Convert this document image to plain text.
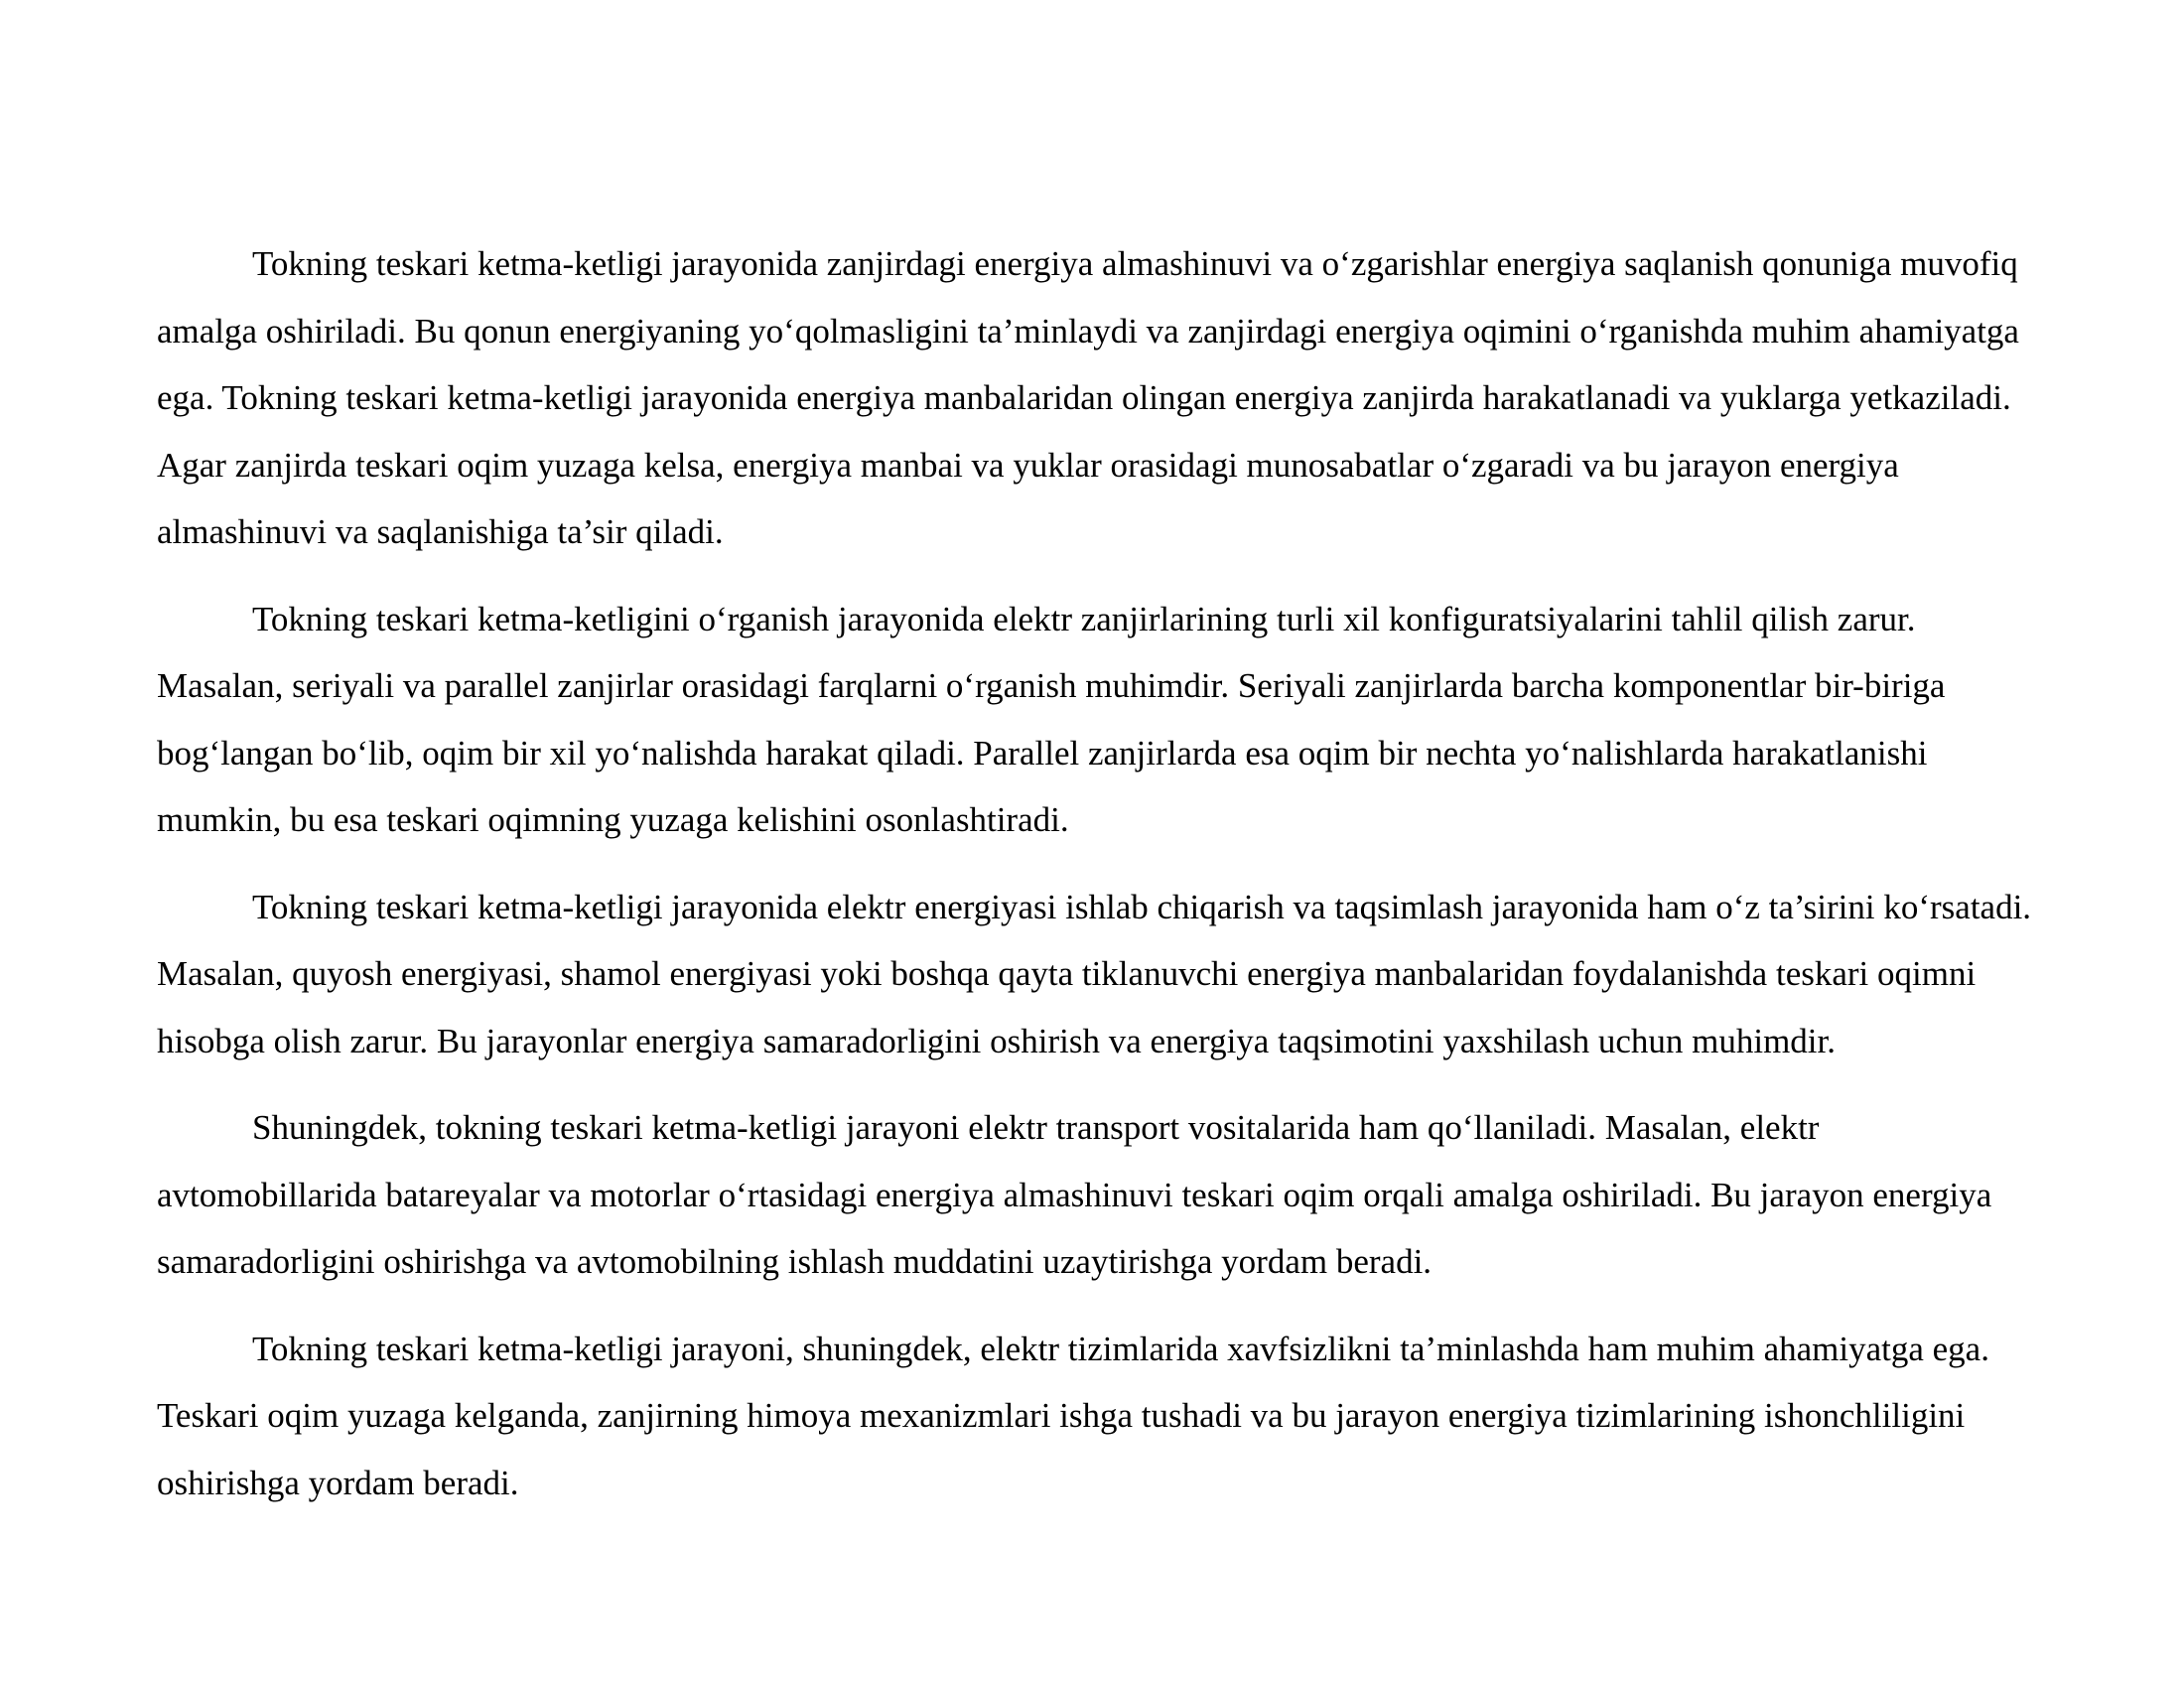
Tokning teskari ketma-ketligi jarayonida zanjirdagi energiya almashinuvi va o‘zgarishlar energiya saqlanish qonuniga muvofiq amalga oshiriladi. Bu qonun energiyaning yo‘qolmasligini ta’minlaydi va zanjirdagi energiya oqimini o‘rganishda muhim ahamiyatga ega. Tokning teskari ketma-ketligi jarayonida energiya manbalaridan olingan energiya zanjirda harakatlanadi va yuklarga yetkaziladi. Agar zanjirda teskari oqim yuzaga kelsa, energiya manbai va yuklar orasidagi munosabatlar o‘zgaradi va bu jarayon energiya almashinuvi va saqlanishiga ta’sir qiladi.

Tokning teskari ketma-ketligini o‘rganish jarayonida elektr zanjirlarining turli xil konfiguratsiyalarini tahlil qilish zarur. Masalan, seriyali va parallel zanjirlar orasidagi farqlarni o‘rganish muhimdir. Seriyali zanjirlarda barcha komponentlar bir-biriga bog‘langan bo‘lib, oqim bir xil yo‘nalishda harakat qiladi. Parallel zanjirlarda esa oqim bir nechta yo‘nalishlarda harakatlanishi mumkin, bu esa teskari oqimning yuzaga kelishini osonlashtiradi.

Tokning teskari ketma-ketligi jarayonida elektr energiyasi ishlab chiqarish va taqsimlash jarayonida ham o‘z ta’sirini ko‘rsatadi. Masalan, quyosh energiyasi, shamol energiyasi yoki boshqa qayta tiklanuvchi energiya manbalaridan foydalanishda teskari oqimni hisobga olish zarur. Bu jarayonlar energiya samaradorligini oshirish va energiya taqsimotini yaxshilash uchun muhimdir.

Shuningdek, tokning teskari ketma-ketligi jarayoni elektr transport vositalarida ham qo‘llaniladi. Masalan, elektr avtomobillarida batareyalar va motorlar o‘rtasidagi energiya almashinuvi teskari oqim orqali amalga oshiriladi. Bu jarayon energiya samaradorligini oshirishga va avtomobilning ishlash muddatini uzaytirishga yordam beradi.

Tokning teskari ketma-ketligi jarayoni, shuningdek, elektr tizimlarida xavfsizlikni ta’minlashda ham muhim ahamiyatga ega. Teskari oqim yuzaga kelganda, zanjirning himoya mexanizmlari ishga tushadi va bu jarayon energiya tizimlarining ishonchliligini oshirishga yordam beradi.
